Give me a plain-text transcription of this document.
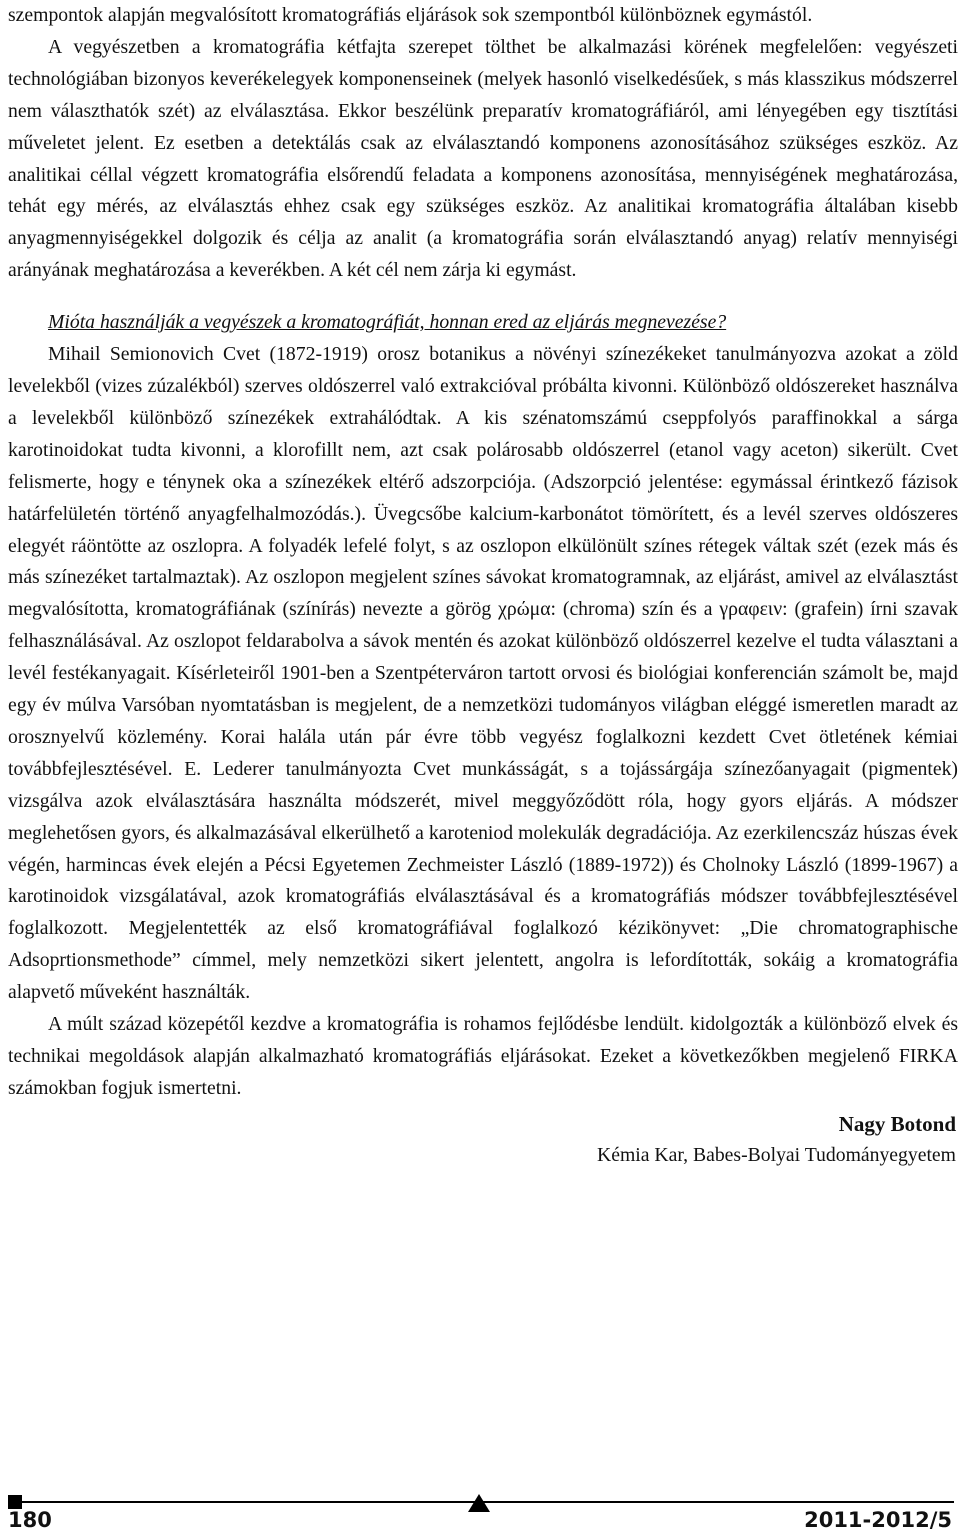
szempontok alapján megvalósított kromatográfiás eljárások sok szempontból különböznek egymástól.

A vegyészetben a kromatográfia kétfajta szerepet tölthet be alkalmazási körének megfelelően: vegyészeti technológiában bizonyos keverékelegyek komponenseinek (melyek hasonló viselkedésűek, s más klasszikus módszerrel nem választhatók szét) az elválasztása. Ekkor beszélünk preparatív kromatográfiáról, ami lényegében egy tisztítási műveletet jelent. Ez esetben a detektálás csak az elválasztandó komponens azonosításához szükséges eszköz. Az analitikai céllal végzett kromatográfia elsőrendű feladata a komponens azonosítása, mennyiségének meghatározása, tehát egy mérés, az elválasztás ehhez csak egy szükséges eszköz. Az analitikai kromatográfia általában kisebb anyagmennyiségekkel dolgozik és célja az analit (a kromatográfia során elválasztandó anyag) relatív mennyiségi arányának meghatározása a keverékben. A két cél nem zárja ki egymást.

Mióta használják a vegyészek a kromatográfiát, honnan ered az eljárás megnevezése?

Mihail Semionovich Cvet (1872-1919) orosz botanikus a növényi színezékeket tanulmányozva azokat a zöld levelekből (vizes zúzalékból) szerves oldószerrel való extrakcióval próbálta kivonni. Különböző oldószereket használva a levelekből különböző színezékek extrahálódtak. A kis szénatomszámú cseppfolyós paraffinokkal a sárga karotinoidokat tudta kivonni, a klorofillt nem, azt csak polárosabb oldószerrel (etanol vagy aceton) sikerült. Cvet felismerte, hogy e ténynek oka a színezékek eltérő adszorpciója. (Adszorpció jelentése: egymással érintkező fázisok határfelületén történő anyagfelhalmozódás.). Üvegcsőbe kalcium-karbonátot tömörített, és a levél szerves oldószeres elegyét ráöntötte az oszlopra. A folyadék lefelé folyt, s az oszlopon elkülönült színes rétegek váltak szét (ezek más és más színezéket tartalmaztak). Az oszlopon megjelent színes sávokat kromatogramnak, az eljárást, amivel az elválasztást megvalósította, kromatográfiának (színírás) nevezte a görög χρώμα: (chroma) szín és a γραφειν: (grafein) írni szavak felhasználásával. Az oszlopot feldarabolva a sávok mentén és azokat különböző oldószerrel kezelve el tudta választani a levél festékanyagait. Kísérleteiről 1901-ben a Szentpéterváron tartott orvosi és biológiai konferencián számolt be, majd egy év múlva Varsóban nyomtatásban is megjelent, de a nemzetközi tudományos világban eléggé ismeretlen maradt az orosznyelvű közlemény. Korai halála után pár évre több vegyész foglalkozni kezdett Cvet ötletének kémiai továbbfejlesztésével. E. Lederer tanulmányozta Cvet munkásságát, s a tojássárgája színezőanyagait (pigmentek) vizsgálva azok elválasztására használta módszerét, mivel meggyőződött róla, hogy gyors eljárás. A módszer meglehetősen gyors, és alkalmazásával elkerülhető a karoteniod molekulák degradációja. Az ezerkilencszáz húszas évek végén, harmincas évek elején a Pécsi Egyetemen Zechmeister László (1889-1972)) és Cholnoky László (1899-1967) a karotinoidok vizsgálatával, azok kromatográfiás elválasztásával és a kromatográfiás módszer továbbfejlesztésével foglalkozott. Megjelentették az első kromatográfiával foglalkozó kézikönyvet: „Die chromatographische Adsoprtionsmethode” címmel, mely nemzetközi sikert jelentett, angolra is lefordították, sokáig a kromatográfia alapvető műveként használták.

A múlt század közepétől kezdve a kromatográfia is rohamos fejlődésbe lendült. kidolgozták a különböző elvek és technikai megoldások alapján alkalmazható kromatográfiás eljárásokat. Ezeket a következőkben megjelenő FIRKA számokban fogjuk ismertetni.

Nagy Botond
Kémia Kar, Babes-Bolyai Tudományegyetem
180	2011-2012/5
